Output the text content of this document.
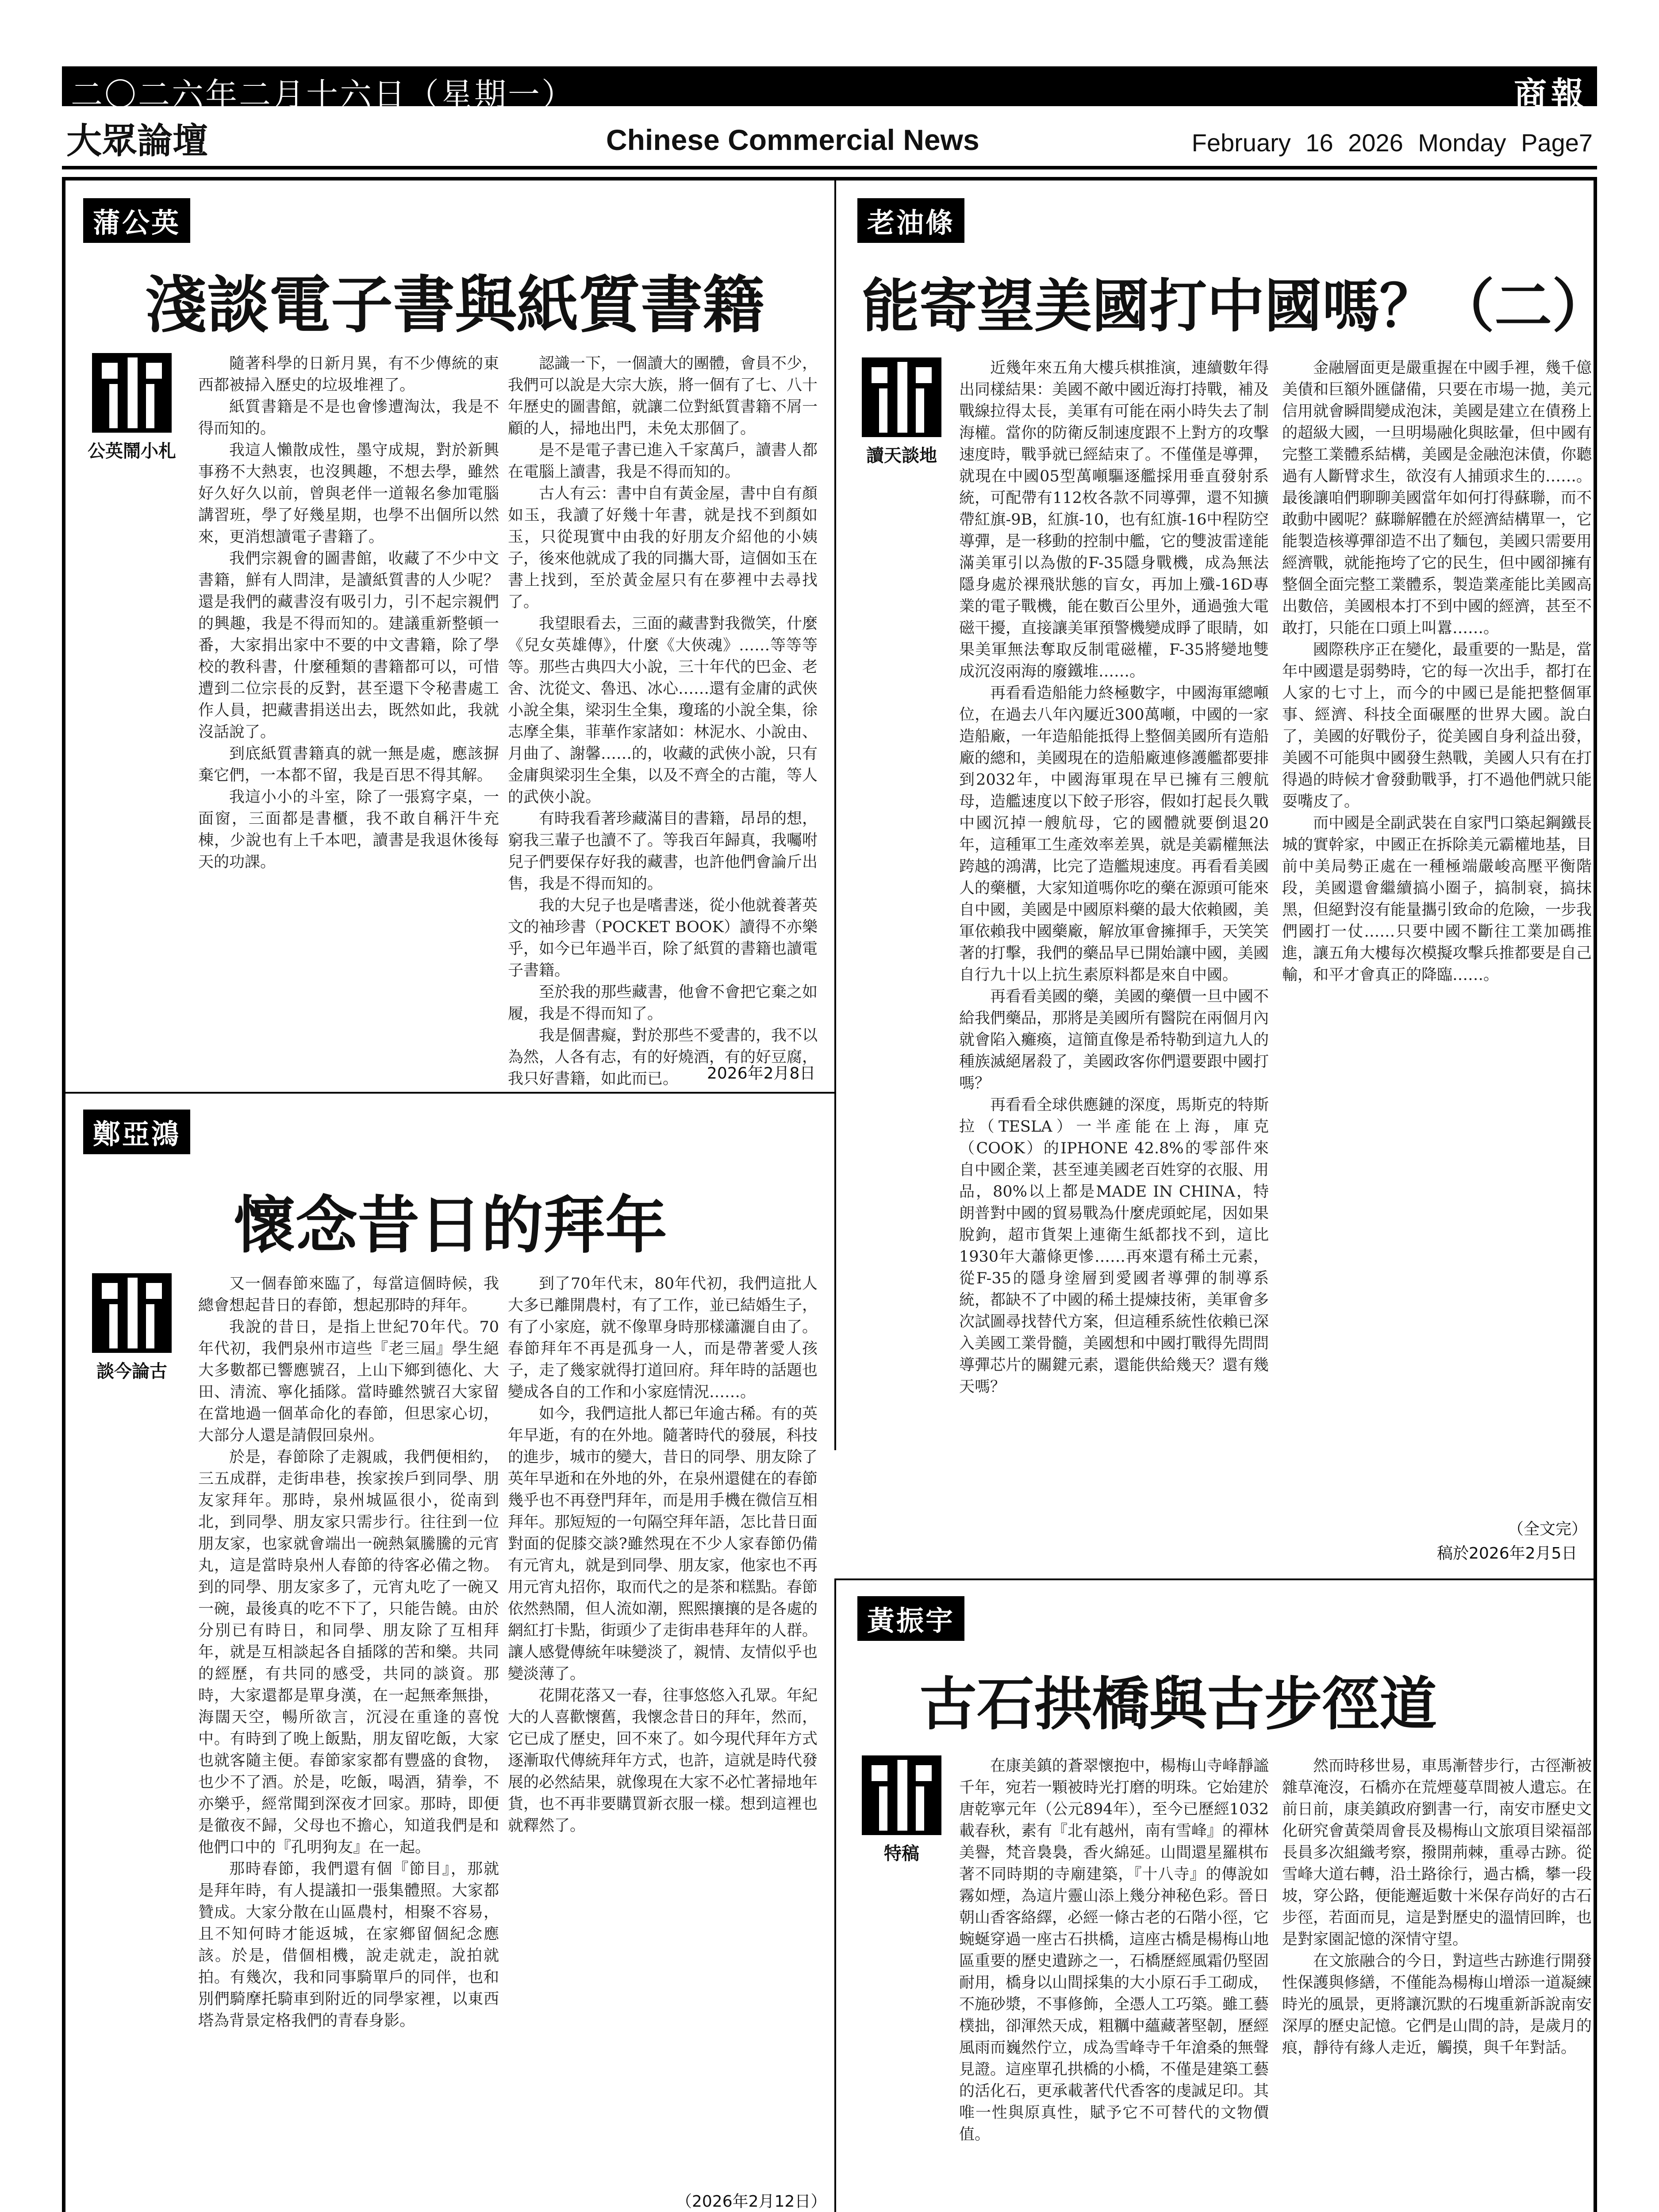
二〇二六年二月十六日（星期一）	商報
大眾論壇	Chinese Commercial News	February 16 2026 Monday Page7
蒲公英
淺談電子書與紙質書籍
公英鬧小札

隨著科學的日新月異，有不少傳統的東西都被掃入歷史的垃圾堆裡了。

紙質書籍是不是也會慘遭淘汰，我是不得而知的。

我這人懶散成性，墨守成規，對於新興事務不大熱衷，也沒興趣，不想去學，雖然好久好久以前，曾與老伴一道報名參加電腦講習班，學了好幾星期，也學不出個所以然來，更消想讀電子書籍了。

我們宗親會的圖書館，收藏了不少中文書籍，鮮有人問津，是讀紙質書的人少呢？還是我們的藏書沒有吸引力，引不起宗親們的興趣，我是不得而知的。建議重新整頓一番，大家捐出家中不要的中文書籍，除了學校的教科書，什麼種類的書籍都可以，可惜遭到二位宗長的反對，甚至還下令秘書處工作人員，把藏書捐送出去，既然如此，我就沒話說了。

到底紙質書籍真的就一無是處，應該摒棄它們，一本都不留，我是百思不得其解。

我這小小的斗室，除了一張寫字桌，一面窗，三面都是書櫃，我不敢自稱汗牛充棟，少說也有上千本吧，讀書是我退休後每天的功課。

認識一下，一個讀大的團體，會員不少，我們可以說是大宗大族，將一個有了七、八十年歷史的圖書館，就讓二位對紙質書籍不屑一顧的人，掃地出門，未免太那個了。

是不是電子書已進入千家萬戶，讀書人都在電腦上讀書，我是不得而知的。

古人有云：書中自有黃金屋，書中自有顏如玉，我讀了好幾十年書，就是找不到顏如玉，只從現實中由我的好朋友介紹他的小姨子，後來他就成了我的同攜大哥，這個如玉在書上找到，至於黃金屋只有在夢裡中去尋找了。

我望眼看去，三面的藏書對我微笑，什麼《兒女英雄傳》，什麼《大俠魂》……等等等等。那些古典四大小說，三十年代的巴金、老舍、沈從文、魯迅、冰心……還有金庸的武俠小說全集，梁羽生全集，瓊瑤的小說全集，徐志摩全集，菲華作家諸如：林泥水、小說由、月曲了、謝馨……的，收藏的武俠小說，只有金庸與梁羽生全集，以及不齊全的古龍，等人的武俠小說。

有時我看著珍藏滿目的書籍，昂昂的想，窮我三輩子也讀不了。等我百年歸真，我囑咐兒子們要保存好我的藏書，也許他們會論斤出售，我是不得而知的。

我的大兒子也是嗜書迷，從小他就養著英文的袖珍書（POCKET BOOK）讀得不亦樂乎，如今已年過半百，除了紙質的書籍也讀電子書籍。

至於我的那些藏書，他會不會把它棄之如履，我是不得而知了。

我是個書癡，對於那些不愛書的，我不以為然，人各有志，有的好燒酒，有的好豆腐，我只好書籍，如此而已。	2026年2月8日
老油條
能寄望美國打中國嗎？（二）
讀天談地

近幾年來五角大樓兵棋推演，連續數年得出同樣結果：美國不敵中國近海打持戰，補及戰線拉得太長，美軍有可能在兩小時失去了制海權。當你的防衛反制速度跟不上對方的攻擊速度時，戰爭就已經結束了。不僅僅是導彈，就現在中國05型萬噸驅逐艦採用垂直發射系統，可配帶有112枚各款不同導彈，還不知擴帶紅旗-9B，紅旗-10，也有紅旗-16中程防空導彈，是一移動的控制中艦，它的雙波雷達能滿美軍引以為傲的F-35隱身戰機，成為無法隱身處於裸飛狀態的盲女，再加上殲-16D專業的電子戰機，能在數百公里外，通過強大電磁干擾，直接讓美軍預警機變成睜了眼睛，如果美軍無法奪取反制電磁權，F-35將變地雙成沉沒兩海的廢鐵堆……。

再看看造船能力終極數字，中國海軍總噸位，在過去八年內屢近300萬噸，中國的一家造船廠，一年造船能抵得上整個美國所有造船廠的總和，美國現在的造船廠連修護艦都要排到2032年，中國海軍現在早已擁有三艘航母，造艦速度以下餃子形容，假如打起長久戰中國沉掉一艘航母，它的國體就要倒退20年，這種軍工生產效率差異，就是美霸權無法跨越的鴻溝，比完了造艦規速度。再看看美國人的藥櫃，大家知道嗎你吃的藥在源頭可能來自中國，美國是中國原料藥的最大依賴國，美軍依賴我中國藥廠，解放軍會擁揮手，天笑笑著的打擊，我們的藥品早已開始讓中國，美國自行九十以上抗生素原料都是來自中國。

再看看美國的藥，美國的藥價一旦中國不給我們藥品，那將是美國所有醫院在兩個月內就會陷入癱瘓，這簡直像是希特勒到這九人的種族滅絕屠殺了，美國政客你們還要跟中國打嗎？

再看看全球供應鏈的深度，馬斯克的特斯拉（TESLA）一半產能在上海，庫克（COOK）的IPHONE 42.8%的零部件來自中國企業，甚至連美國老百姓穿的衣服、用品，80%以上都是MADE IN CHINA，特朗普對中國的貿易戰為什麼虎頭蛇尾，因如果脫鉤，超市貨架上連衛生紙都找不到，這比1930年大蕭條更慘……再來還有稀土元素，從F-35的隱身塗層到愛國者導彈的制導系統，都缺不了中國的稀土提煉技術，美軍會多次試圖尋找替代方案，但這種系統性依賴已深入美國工業骨髓，美國想和中國打戰得先問問導彈芯片的關鍵元素，還能供給幾天？還有幾天嗎？

金融層面更是嚴重握在中國手裡，幾千億美債和巨額外匯儲備，只要在市場一拋，美元信用就會瞬間變成泡沫，美國是建立在債務上的超級大國，一旦明場融化與眩暈，但中國有完整工業體系結構，美國是金融泡沫債，你聽過有人斷臂求生，欲沒有人捕頭求生的……。最後讓咱們聊聊美國當年如何打得蘇聯，而不敢動中國呢？蘇聯解體在於經濟結構單一，它能製造核導彈卻造不出了麵包，美國只需要用經濟戰，就能拖垮了它的民生，但中國卻擁有整個全面完整工業體系，製造業產能比美國高出數倍，美國根本打不到中國的經濟，甚至不敢打，只能在口頭上叫囂……。

國際秩序正在變化，最重要的一點是，當年中國還是弱勢時，它的每一次出手，都打在人家的七寸上，而今的中國已是能把整個軍事、經濟、科技全面碾壓的世界大國。說白了，美國的好戰份子，從美國自身利益出發，美國不可能與中國發生熱戰，美國人只有在打得過的時候才會發動戰爭，打不過他們就只能耍嘴皮了。

而中國是全副武裝在自家門口築起鋼鐵長城的實幹家，中國正在拆除美元霸權地基，目前中美局勢正處在一種極端嚴峻高壓平衡階段，美國還會繼續搞小圈子，搞制衰，搞抹黑，但絕對沒有能量攜引致命的危險，一步我們國打一仗……只要中國不斷往工業加碼推進，讓五角大樓每次模擬攻擊兵推都要是自己輸，和平才會真正的降臨……。

（全文完）
稿於2026年2月5日
鄭亞鴻
懷念昔日的拜年
談今論古

又一個春節來臨了，每當這個時候，我總會想起昔日的春節，想起那時的拜年。

我說的昔日，是指上世紀70年代。70年代初，我們泉州市這些『老三屆』學生絕大多數都已響應號召，上山下鄉到德化、大田、清流、寧化插隊。當時雖然號召大家留在當地過一個革命化的春節，但思家心切，大部分人還是請假回泉州。

於是，春節除了走親戚，我們便相約，三五成群，走街串巷，挨家挨戶到同學、朋友家拜年。那時，泉州城區很小，從南到北，到同學、朋友家只需步行。往往到一位朋友家，也家就會端出一碗熱氣騰騰的元宵丸，這是當時泉州人春節的待客必備之物。到的同學、朋友家多了，元宵丸吃了一碗又一碗，最後真的吃不下了，只能告饒。由於分別已有時日，和同學、朋友除了互相拜年，就是互相談起各自插隊的苦和樂。共同的經歷，有共同的感受，共同的談資。那時，大家還都是單身漢，在一起無牽無掛，海闊天空，暢所欲言，沉浸在重逢的喜悅中。有時到了晚上飯點，朋友留吃飯，大家也就客隨主便。春節家家都有豐盛的食物，也少不了酒。於是，吃飯，喝酒，猜拳，不亦樂乎，經常聞到深夜才回家。那時，即便是徹夜不歸，父母也不擔心，知道我們是和他們口中的『孔明狗友』在一起。

那時春節，我們還有個『節目』，那就是拜年時，有人提議扣一張集體照。大家都贊成。大家分散在山區農村，相聚不容易，且不知何時才能返城，在家鄉留個紀念應該。於是，借個相機，說走就走，說拍就拍。有幾次，我和同事騎單戶的同伴，也和別們騎摩托騎車到附近的同學家裡，以東西塔為背景定格我們的青春身影。

到了70年代末，80年代初，我們這批人大多已離開農村，有了工作，並已結婚生子，有了小家庭，就不像單身時那樣瀟灑自由了。春節拜年不再是孤身一人，而是帶著愛人孩子，走了幾家就得打道回府。拜年時的話題也變成各自的工作和小家庭情況……。

如今，我們這批人都已年逾古稀。有的英年早逝，有的在外地。隨著時代的發展，科技的進步，城市的變大，昔日的同學、朋友除了英年早逝和在外地的外，在泉州還健在的春節幾乎也不再登門拜年，而是用手機在微信互相拜年。那短短的一句隔空拜年語，怎比昔日面對面的促膝交談?雖然現在不少人家春節仍備有元宵丸，就是到同學、朋友家，他家也不再用元宵丸招你，取而代之的是茶和糕點。春節依然熱鬧，但人流如潮，熙熙攘攘的是各處的網紅打卡點，街頭少了走街串巷拜年的人群。讓人感覺傳統年味變淡了，親情、友情似乎也變淡薄了。

花開花落又一春，往事悠悠入孔眾。年紀大的人喜歡懷舊，我懷念昔日的拜年，然而，它已成了歷史，回不來了。如今現代拜年方式逐漸取代傳統拜年方式，也許，這就是時代發展的必然結果，就像現在大家不必忙著掃地年貨，也不再非要購買新衣服一樣。想到這裡也就釋然了。

（2026年2月12日）
黃振宇
古石拱橋與古步徑道
特稿

在康美鎮的蒼翠懷抱中，楊梅山寺峰靜謐千年，宛若一顆被時光打磨的明珠。它始建於唐乾寧元年（公元894年），至今已歷經1032載春秋，素有『北有越州，南有雪峰』的禪林美譽，梵音裊裊，香火綿延。山間還星羅棋布著不同時期的寺廟建築，『十八寺』的傳說如霧如煙，為這片靈山添上幾分神秘色彩。晉日朝山香客絡繹，必經一條古老的石階小徑，它蜿蜒穿過一座古石拱橋，這座古橋是楊梅山地區重要的歷史遺跡之一，石橋歷經風霜仍堅固耐用，橋身以山間採集的大小原石手工砌成，不施砂漿，不事修飾，全憑人工巧築。雖工藝樸拙，卻渾然天成，粗糲中蘊藏著堅韌，歷經風雨而巍然佇立，成為雪峰寺千年滄桑的無聲見證。這座單孔拱橋的小橋，不僅是建築工藝的活化石，更承載著代代香客的虔誠足印。其唯一性與原真性，賦予它不可替代的文物價值。

然而時移世易，車馬漸替步行，古徑漸被雜草淹沒，石橋亦在荒煙蔓草間被人遺忘。在前日前，康美鎮政府劉書一行，南安市歷史文化研究會黃榮周會長及楊梅山文旅項目梁福部長員多次組織考察，撥開荊棘，重尋古跡。從雪峰大道右轉，沿土路徐行，過古橋，攀一段坡，穿公路，便能邂逅數十米保存尚好的古石步徑，若面而見，這是對歷史的溫情回眸，也是對家園記憶的深情守望。

在文旅融合的今日，對這些古跡進行開發性保護與修繕，不僅能為楊梅山增添一道凝練時光的風景，更將讓沉默的石塊重新訴說南安深厚的歷史記憶。它們是山間的詩，是歲月的痕，靜待有緣人走近，觸摸，與千年對話。
